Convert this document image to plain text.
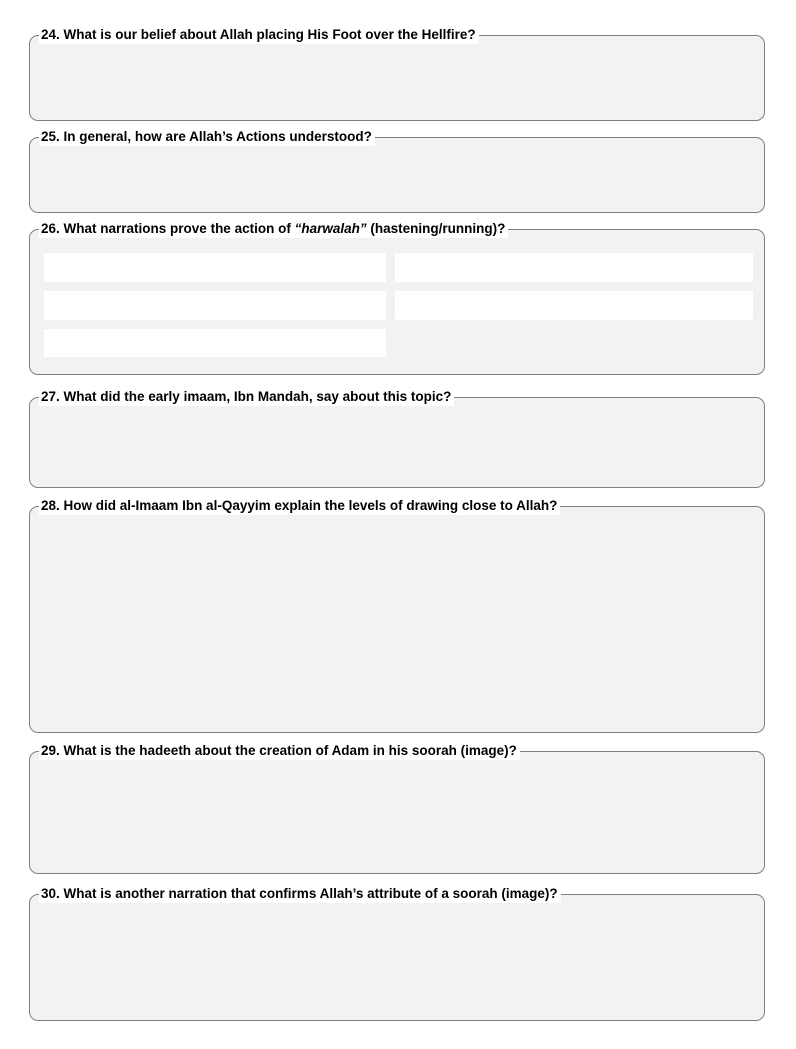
24. What is our belief about Allah placing His Foot over the Hellfire?
25. In general, how are Allah’s Actions understood?
26. What narrations prove the action of “harwalah” (hastening/running)?
27. What did the early imaam, Ibn Mandah, say about this topic?
28. How did al-Imaam Ibn al-Qayyim explain the levels of drawing close to Allah?
29. What is the hadeeth about the creation of Adam in his soorah (image)?
30. What is another narration that confirms Allah’s attribute of a soorah (image)?
